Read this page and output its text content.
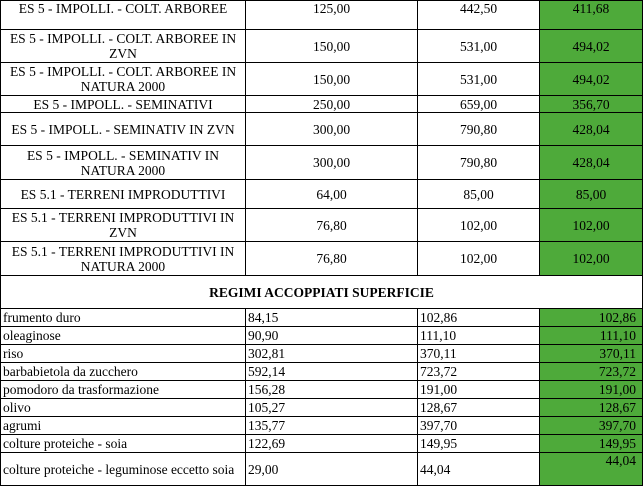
ES 5 - IMPOLLI. - COLT. ARBOREE	125,00	442,50	411,68
ES 5 - IMPOLLI. - COLT. ARBOREE IN ZVN	150,00	531,00	494,02
ES 5 - IMPOLLI. - COLT. ARBOREE IN NATURA 2000	150,00	531,00	494,02
ES 5 - IMPOLL. - SEMINATIVI	250,00	659,00	356,70
ES 5 - IMPOLL. - SEMINATIV IN ZVN	300,00	790,80	428,04
ES 5 - IMPOLL. - SEMINATIV IN NATURA 2000	300,00	790,80	428,04
ES 5.1 - TERRENI IMPRODUTTIVI	64,00	85,00	85,00
ES 5.1 - TERRENI IMPRODUTTIVI IN ZVN	76,80	102,00	102,00
ES 5.1 - TERRENI IMPRODUTTIVI IN NATURA 2000	76,80	102,00	102,00
REGIMI ACCOPPIATI SUPERFICIE			
frumento duro	84,15	102,86	102,86
oleaginose	90,90	111,10	111,10
riso	302,81	370,11	370,11
barbabietola da zucchero	592,14	723,72	723,72
pomodoro da trasformazione	156,28	191,00	191,00
olivo	105,27	128,67	128,67
agrumi	135,77	397,70	397,70
colture proteiche - soia	122,69	149,95	149,95
colture proteiche - leguminose eccetto soia	29,00	44,04	44,04
